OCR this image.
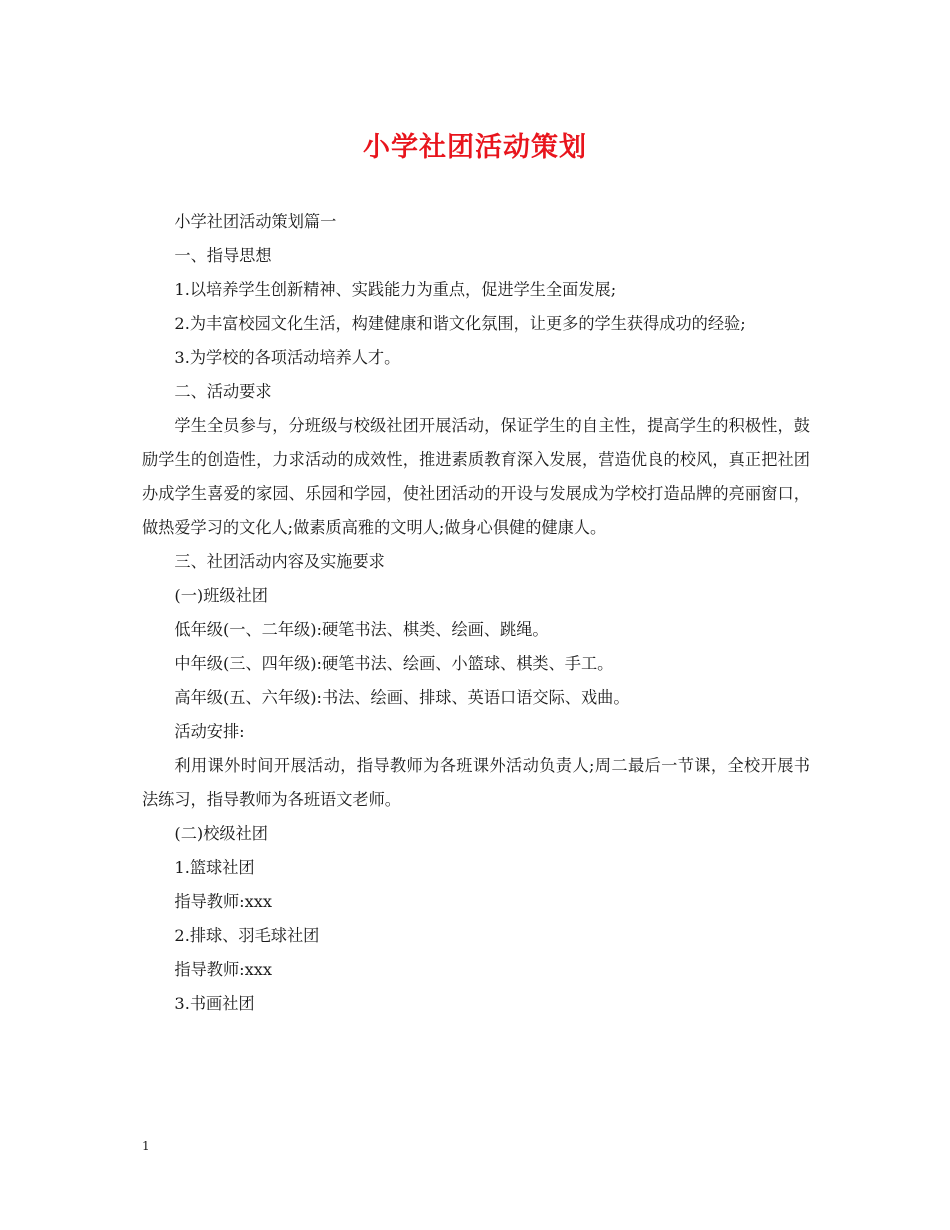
小学社团活动策划

小学社团活动策划篇一

一、指导思想

1.以培养学生创新精神、实践能力为重点，促进学生全面发展;

2.为丰富校园文化生活，构建健康和谐文化氛围，让更多的学生获得成功的经验;

3.为学校的各项活动培养人才。

二、活动要求

学生全员参与，分班级与校级社团开展活动，保证学生的自主性，提高学生的积极性，鼓励学生的创造性，力求活动的成效性，推进素质教育深入发展，营造优良的校风，真正把社团办成学生喜爱的家园、乐园和学园，使社团活动的开设与发展成为学校打造品牌的亮丽窗口，做热爱学习的文化人;做素质高雅的文明人;做身心俱健的健康人。

三、社团活动内容及实施要求

(一)班级社团

低年级(一、二年级):硬笔书法、棋类、绘画、跳绳。

中年级(三、四年级):硬笔书法、绘画、小篮球、棋类、手工。

高年级(五、六年级):书法、绘画、排球、英语口语交际、戏曲。

活动安排:

利用课外时间开展活动，指导教师为各班课外活动负责人;周二最后一节课，全校开展书法练习，指导教师为各班语文老师。

(二)校级社团

1.篮球社团

指导教师:xxx

2.排球、羽毛球社团

指导教师:xxx

3.书画社团

1
